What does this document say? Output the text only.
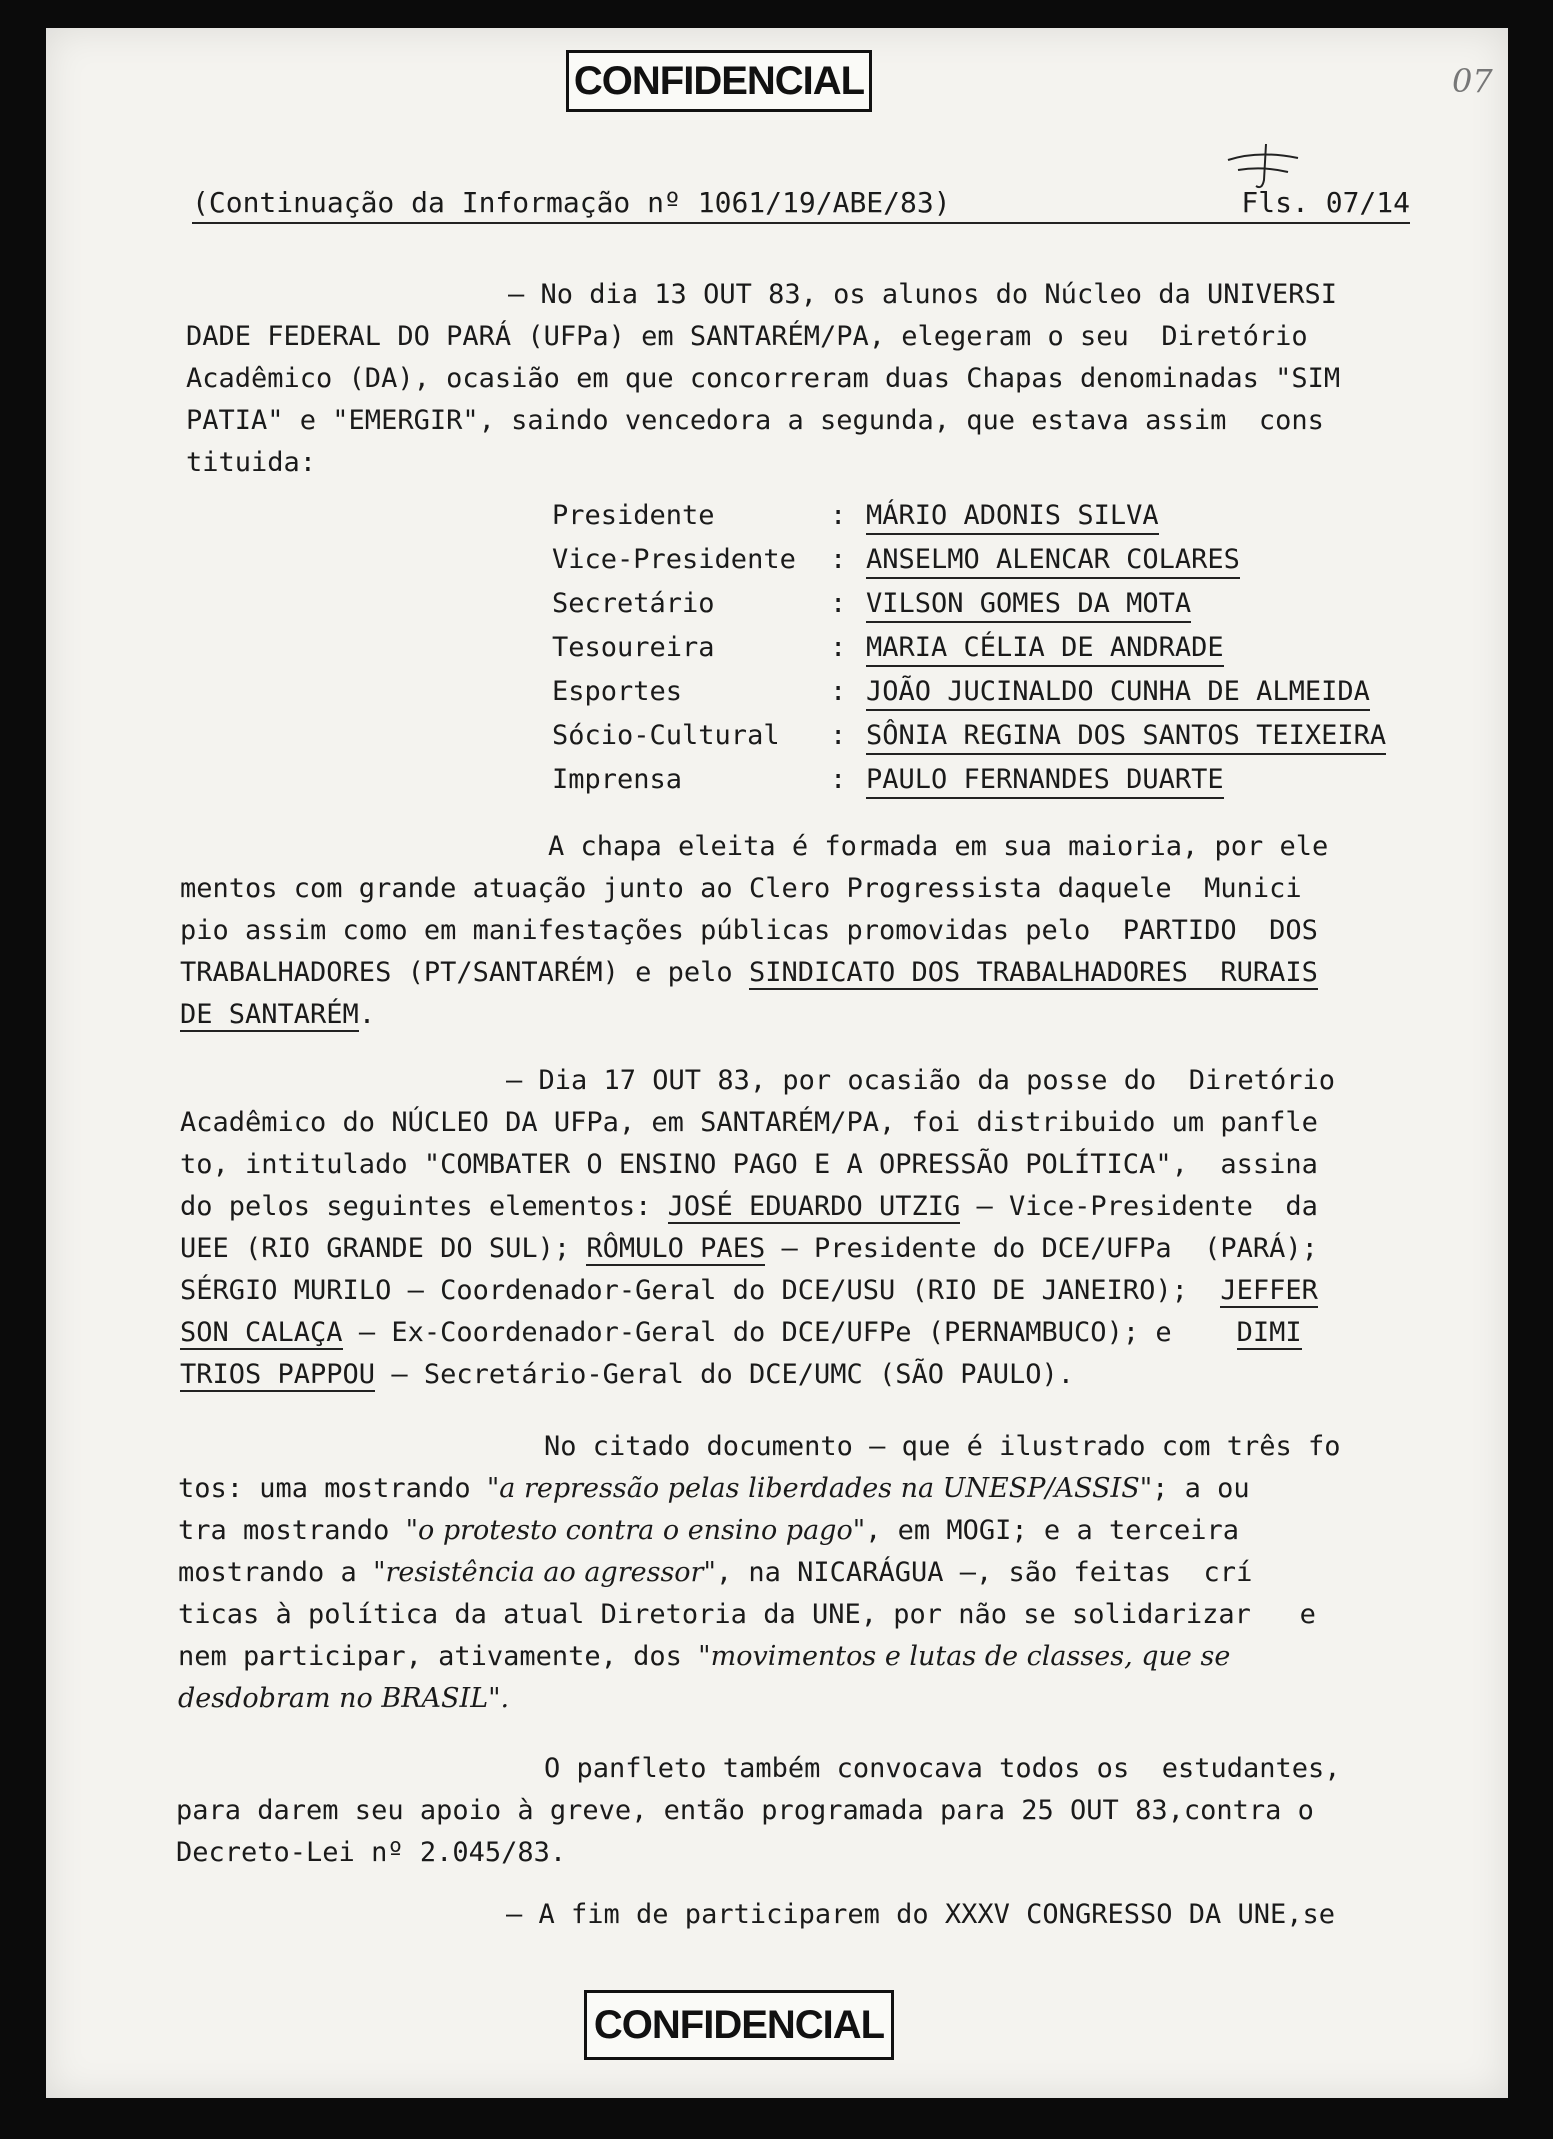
CONFIDENCIAL	07
(Continuação da Informação nº 1061/19/ABE/83)	Fls. 07/14
— No dia 13 OUT 83, os alunos do Núcleo da UNIVERSI
DADE FEDERAL DO PARÁ (UFPa) em SANTARÉM/PA, elegeram o seu  Diretório
Acadêmico (DA), ocasião em que concorreram duas Chapas denominadas "SIM
PATIA" e "EMERGIR", saindo vencedora a segunda, que estava assim  cons
tituida:
Presidente	: MÁRIO ADONIS SILVA
Vice-Presidente : ANSELMO ALENCAR COLARES
Secretário	: VILSON GOMES DA MOTA
Tesoureira	: MARIA CÉLIA DE ANDRADE
Esportes	: JOÃO JUCINALDO CUNHA DE ALMEIDA
Sócio-Cultural : SÔNIA REGINA DOS SANTOS TEIXEIRA
Imprensa	: PAULO FERNANDES DUARTE
A chapa eleita é formada em sua maioria, por ele
mentos com grande atuação junto ao Clero Progressista daquele  Munici
pio assim como em manifestações públicas promovidas pelo  PARTIDO  DOS
TRABALHADORES (PT/SANTARÉM) e pelo SINDICATO DOS TRABALHADORES  RURAIS
DE SANTARÉM.
— Dia 17 OUT 83, por ocasião da posse do  Diretório
Acadêmico do NÚCLEO DA UFPa, em SANTARÉM/PA, foi distribuido um panfle
to, intitulado "COMBATER O ENSINO PAGO E A OPRESSÃO POLÍTICA",  assina
do pelos seguintes elementos: JOSÉ EDUARDO UTZIG — Vice-Presidente  da
UEE (RIO GRANDE DO SUL); RÔMULO PAES — Presidente do DCE/UFPa  (PARÁ);
SÉRGIO MURILO — Coordenador-Geral do DCE/USU (RIO DE JANEIRO);  JEFFER
SON CALAÇA — Ex-Coordenador-Geral do DCE/UFPe (PERNAMBUCO); e    DIMI
TRIOS PAPPOU — Secretário-Geral do DCE/UMC (SÃO PAULO).
No citado documento — que é ilustrado com três fo
tos: uma mostrando "a repressão pelas liberdades na UNESP/ASSIS"; a ou
tra mostrando "o protesto contra o ensino pago", em MOGI; e a terceira
mostrando a "resistência ao agressor", na NICARÁGUA —, são feitas  crí
ticas à política da atual Diretoria da UNE, por não se solidarizar   e
nem participar, ativamente, dos "movimentos e lutas de classes, que se
desdobram no BRASIL".
O panfleto também convocava todos os  estudantes,
para darem seu apoio à greve, então programada para 25 OUT 83,contra o
Decreto-Lei nº 2.045/83.
— A fim de participarem do XXXV CONGRESSO DA UNE,se
CONFIDENCIAL
